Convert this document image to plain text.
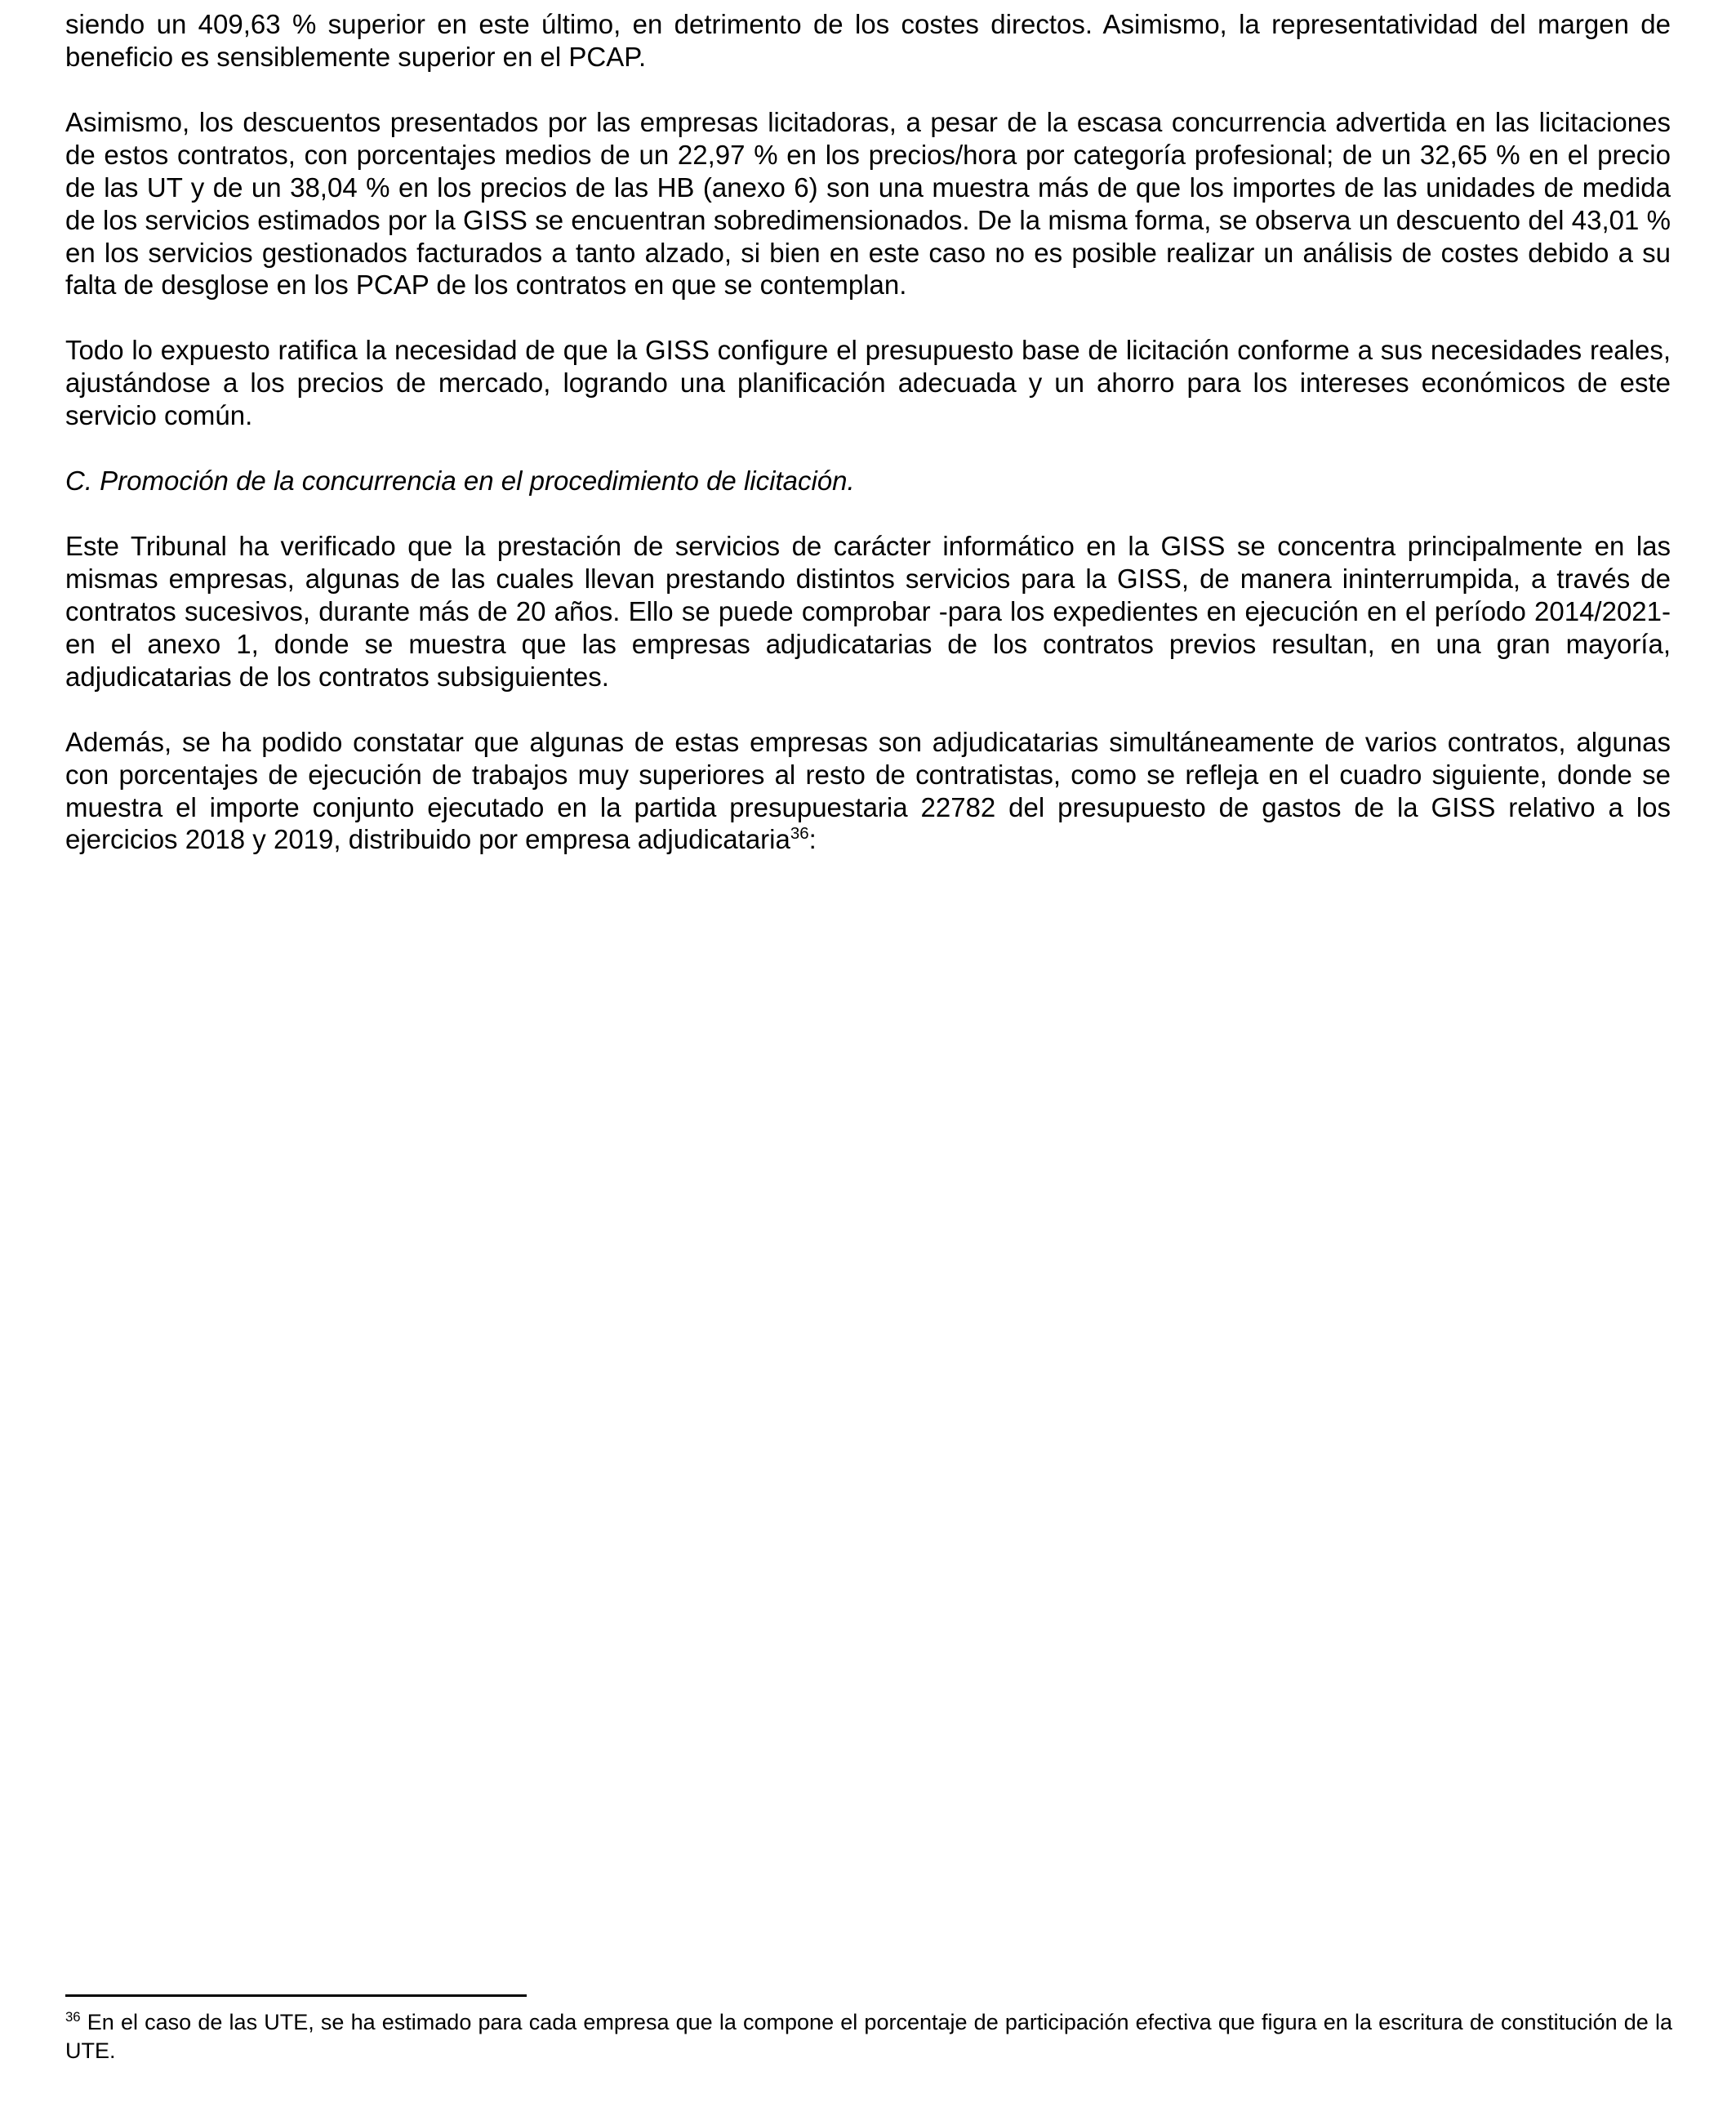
siendo un 409,63 % superior en este último, en detrimento de los costes directos. Asimismo, la representatividad del margen de beneficio es sensiblemente superior en el PCAP.

Asimismo, los descuentos presentados por las empresas licitadoras, a pesar de la escasa concurrencia advertida en las licitaciones de estos contratos, con porcentajes medios de un 22,97 % en los precios/hora por categoría profesional; de un 32,65 % en el precio de las UT y de un 38,04 % en los precios de las HB (anexo 6) son una muestra más de que los importes de las unidades de medida de los servicios estimados por la GISS se encuentran sobredimensionados. De la misma forma, se observa un descuento del 43,01 % en los servicios gestionados facturados a tanto alzado, si bien en este caso no es posible realizar un análisis de costes debido a su falta de desglose en los PCAP de los contratos en que se contemplan.

Todo lo expuesto ratifica la necesidad de que la GISS configure el presupuesto base de licitación conforme a sus necesidades reales, ajustándose a los precios de mercado, logrando una planificación adecuada y un ahorro para los intereses económicos de este servicio común.

C. Promoción de la concurrencia en el procedimiento de licitación.

Este Tribunal ha verificado que la prestación de servicios de carácter informático en la GISS se concentra principalmente en las mismas empresas, algunas de las cuales llevan prestando distintos servicios para la GISS, de manera ininterrumpida, a través de contratos sucesivos, durante más de 20 años. Ello se puede comprobar -para los expedientes en ejecución en el período 2014/2021- en el anexo 1, donde se muestra que las empresas adjudicatarias de los contratos previos resultan, en una gran mayoría, adjudicatarias de los contratos subsiguientes.

Además, se ha podido constatar que algunas de estas empresas son adjudicatarias simultáneamente de varios contratos, algunas con porcentajes de ejecución de trabajos muy superiores al resto de contratistas, como se refleja en el cuadro siguiente, donde se muestra el importe conjunto ejecutado en la partida presupuestaria 22782 del presupuesto de gastos de la GISS relativo a los ejercicios 2018 y 2019, distribuido por empresa adjudicataria$^{36}$:

$^{36}$ En el caso de las UTE, se ha estimado para cada empresa que la compone el porcentaje de participación efectiva que figura en la escritura de constitución de la UTE.
